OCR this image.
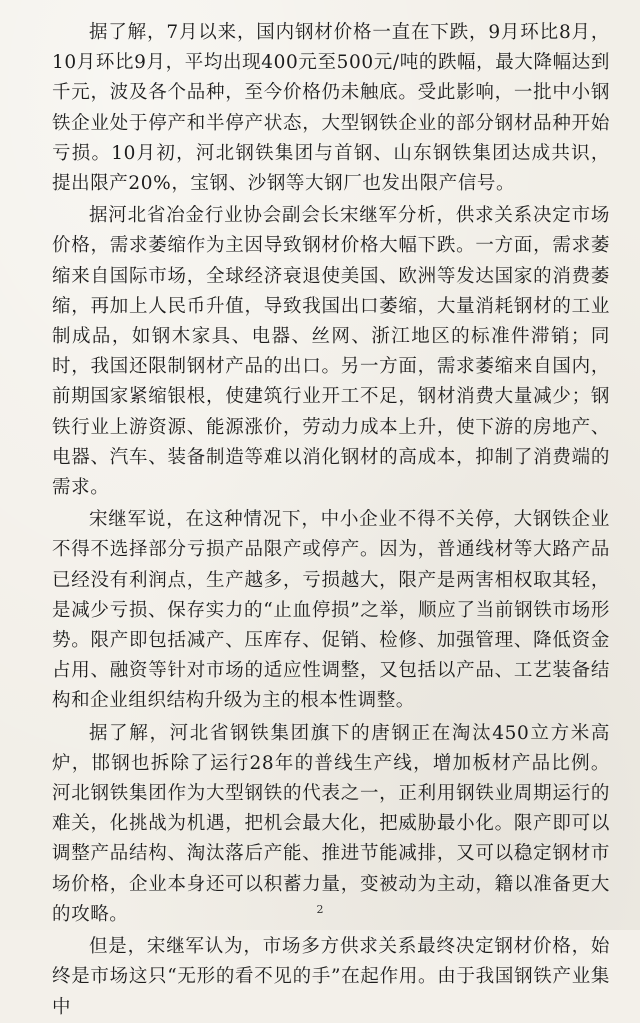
据了解，7月以来，国内钢材价格一直在下跌，9月环比8月，10月环比9月，平均出现400元至500元/吨的跌幅，最大降幅达到千元，波及各个品种，至今价格仍未触底。受此影响，一批中小钢铁企业处于停产和半停产状态，大型钢铁企业的部分钢材品种开始亏损。10月初，河北钢铁集团与首钢、山东钢铁集团达成共识，提出限产20%，宝钢、沙钢等大钢厂也发出限产信号。

据河北省冶金行业协会副会长宋继军分析，供求关系决定市场价格，需求萎缩作为主因导致钢材价格大幅下跌。一方面，需求萎缩来自国际市场，全球经济衰退使美国、欧洲等发达国家的消费萎缩，再加上人民币升值，导致我国出口萎缩，大量消耗钢材的工业制成品，如钢木家具、电器、丝网、浙江地区的标准件滞销；同时，我国还限制钢材产品的出口。另一方面，需求萎缩来自国内，前期国家紧缩银根，使建筑行业开工不足，钢材消费大量减少；钢铁行业上游资源、能源涨价，劳动力成本上升，使下游的房地产、电器、汽车、装备制造等难以消化钢材的高成本，抑制了消费端的需求。

宋继军说，在这种情况下，中小企业不得不关停，大钢铁企业不得不选择部分亏损产品限产或停产。因为，普通线材等大路产品已经没有利润点，生产越多，亏损越大，限产是两害相权取其轻，是减少亏损、保存实力的“止血停损”之举，顺应了当前钢铁市场形势。限产即包括减产、压库存、促销、检修、加强管理、降低资金占用、融资等针对市场的适应性调整，又包括以产品、工艺装备结构和企业组织结构升级为主的根本性调整。

据了解，河北省钢铁集团旗下的唐钢正在淘汰450立方米高炉，邯钢也拆除了运行28年的普线生产线，增加板材产品比例。河北钢铁集团作为大型钢铁的代表之一，正利用钢铁业周期运行的难关，化挑战为机遇，把机会最大化，把威胁最小化。限产即可以调整产品结构、淘汰落后产能、推进节能减排，又可以稳定钢材市场价格，企业本身还可以积蓄力量，变被动为主动，籍以准备更大的攻略。

但是，宋继军认为，市场多方供求关系最终决定钢材价格，始终是市场这只“无形的看不见的手”在起作用。由于我国钢铁产业集中

2
